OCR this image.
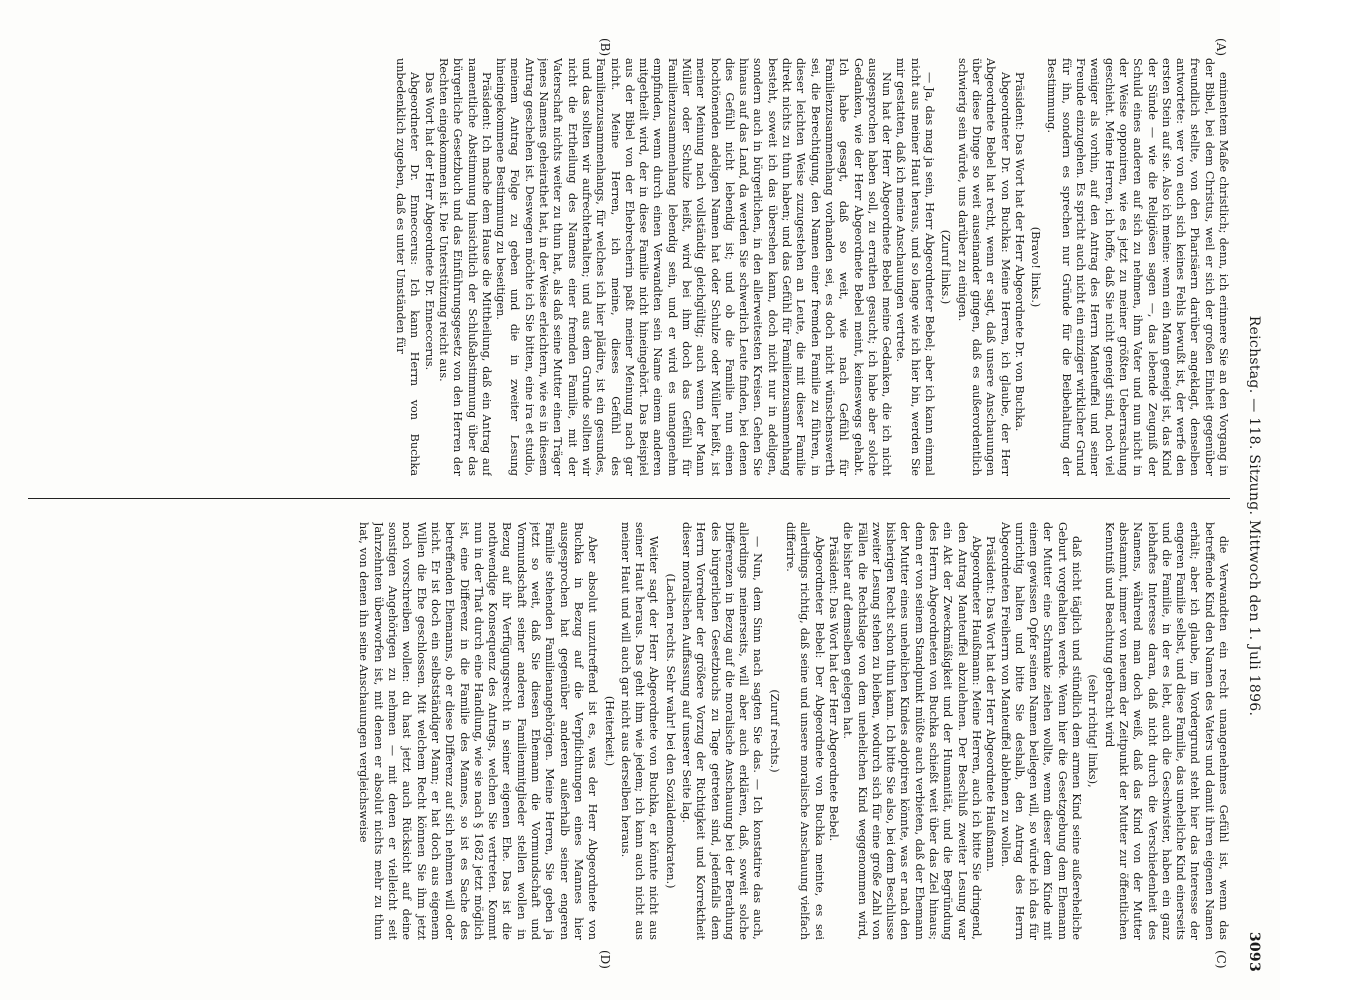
Reichstag. — 118. Sitzung. Mittwoch den 1. Juli 1896.
3093
(A)
(B)
(C)
(D)

eminentem Maße christlich; denn, ich erinnere Sie an den Vorgang in der Bibel, bei dem Christus, weil er sich der großen Einheit gegenüber freundlich stellte, von den Pharisäern darüber angeklagt, denselben antwortete: wer von euch sich keines Fehls bewußt ist, der werfe den ersten Stein auf sie. Also ich meine: wenn ein Mann geneigt ist, das Kind der Sünde — wie die Religiösen sagen —, das lebende Zeugniß der Schuld eines anderen auf sich zu nehmen, ihm Vater und nun nicht in der Weise opponiren, wie es jetzt zu meiner größten Ueberraschung geschieht. Meine Herren, ich hoffe, daß Sie nicht geneigt sind, noch viel weniger als vorhin, auf den Antrag des Herrn Manteuffel und seiner Freunde einzugehen. Es spricht auch nicht ein einziger wirklicher Grund für ihn, sondern es sprechen nur Gründe für die Beibehaltung der Bestimmung.

(Bravo! links.)

Präsident: Das Wort hat der Herr Abgeordnete Dr. von Buchka.

Abgeordneter Dr. von Buchka: Meine Herren, ich glaube, der Herr Abgeordnete Bebel hat recht, wenn er sagt, daß unsere Anschauungen über diese Dinge so weit auseinander gingen, daß es außerordentlich schwierig sein würde, uns darüber zu einigen.

(Zuruf links.)

— Ja, das mag ja sein, Herr Abgeordneter Bebel; aber ich kann einmal nicht aus meiner Haut heraus, und so lange wie ich hier bin, werden Sie mir gestatten, daß ich meine Anschauungen vertrete.

Nun hat der Herr Abgeordnete Bebel meine Gedanken, die ich nicht ausgesprochen haben soll, zu errathen gesucht; ich habe aber solche Gedanken, wie der Herr Abgeordnete Bebel meint, keineswegs gehabt. Ich habe gesagt, daß so weit, wie nach Gefühl für Familienzusammenhang vorhanden sei, es doch nicht wünschenswerth sei, die Berechtigung, den Namen einer fremden Familie zu führen, in dieser leichten Weise zuzugestehen an Leute, die mit dieser Familie direkt nichts zu thun haben; und das Gefühl für Familienzusammenhang besteht, soweit ich das übersehen kann, doch nicht nur in adeligen, sondern auch in bürgerlichen, in den allerweitesten Kreisen. Gehen Sie hinaus auf das Land, da werden Sie schwerlich Leute finden, bei denen dies Gefühl nicht lebendig ist; und ob die Familie nun einen hochtönenden adeligen Namen hat oder Schulze oder Müller heißt, ist meiner Meinung nach vollständig gleichgültig; auch wenn der Mann Müller oder Schulze heißt, wird bei ihm doch das Gefühl für Familienzusammenhang lebendig sein, und er wird es unangenehm empfinden, wenn durch einen Verwandten sein Name einem anderen mitgetheilt wird, der in diese Familie nicht hineingehört. Das Beispiel aus der Bibel von der Ehebrecherin paßt meiner Meinung nach gar nicht. Meine Herren, ich meine, dieses Gefühl des Familienzusammenhangs, für welches ich hier plädire, ist ein gesundes, und das sollten wir aufrechterhalten; und aus dem Grunde sollten wir nicht die Ertheilung des Namens einer fremden Familie, mit der Vaterschaft nichts weiter zu thun hat, als daß seine Mutter einen Träger jenes Namens geheirathet hat, in der Weise erleichtern, wie es in diesem Antrag geschehen ist. Deswegen möchte ich Sie bitten, eine ira et studio, meinem Antrag Folge zu geben und die in zweiter Lesung hineingekommene Bestimmung zu beseitigen.

Präsident: Ich mache dem Hause die Mittheilung, daß ein Antrag auf namentliche Abstimmung hinsichtlich der Schlußabstimmung über das bürgerliche Gesetzbuch und das Einführungsgesetz von den Herren der Rechten eingekommen ist. Die Unterstützung reicht aus.

Das Wort hat der Herr Abgeordnete Dr. Enneccerus.

Abgeordneter Dr. Enneccerus: Ich kann Herrn von Buchka unbedenklich zugeben, daß es unter Umständen für

die Verwandten ein recht unangenehmes Gefühl ist, wenn das betreffende Kind den Namen des Vaters und damit ihren eigenen Namen erhält; aber ich glaube, im Vordergrund steht hier das Interesse der engeren Familie selbst, und diese Familie, das uneheliche Kind einerseits und die Familie, in der es lebt, auch die Geschwister, haben ein ganz lebhaftes Interesse daran, daß nicht durch die Verschiedenheit des Namens, während man doch weiß, daß das Kind von der Mutter abstammt, immer von neuem der Zeitpunkt der Mutter zur öffentlichen Kenntniß und Beachtung gebracht wird

(sehr richtig! links),

daß nicht täglich und stündlich dem armen Kind seine außereheliche Geburt vorgehalten werde. Wenn hier die Gesetzgebung dem Ehemann der Mutter eine Schranke ziehen wollte, wenn dieser dem Kinde mit einem gewissen Opfer seinen Namen beilegen will, so würde ich das für unrichtig halten und bitte Sie deshalb, den Antrag des Herrn Abgeordneten Freiherrn von Manteuffel ablehnen zu wollen.

Präsident: Das Wort hat der Herr Abgeordnete Haußmann.

Abgeordneter Haußmann: Meine Herren, auch ich bitte Sie dringend, den Antrag Manteuffel abzulehnen. Der Beschluß zweiter Lesung war ein Akt der Zweckmäßigkeit und der Humanität, und die Begründung des Herrn Abgeordneten von Buchka schießt weit über das Ziel hinaus; denn er von seinem Standpunkt müßte auch verbieten, daß der Ehemann der Mutter eines unehelichen Kindes adoptiren könnte, was er nach den bisherigen Recht schon thun kann. Ich bitte Sie also, bei dem Beschlusse zweiter Lesung stehen zu bleiben, wodurch sich für eine große Zahl von Fällen die Rechtslage von dem unehelichen Kind weggenommen wird, die bisher auf demselben gelegen hat.

Präsident: Das Wort hat der Herr Abgeordnete Bebel.

Abgeordneter Bebel: Der Abgeordnete von Buchka meinte, es sei allerdings richtig, daß seine und unsere moralische Anschauung vielfach differire.

(Zuruf rechts.)

— Nun, dem Sinn nach sagten Sie das. — Ich konstatire das auch, allerdings meinerseits, will aber auch erklären, daß, soweit solche Differenzen in Bezug auf die moralische Anschauung bei der Berathung des bürgerlichen Gesetzbuchs zu Tage getreten sind, jedenfalls dem Herrn Vorredner der größere Vorzug der Richtigkeit und Korrektheit dieser moralischen Auffassung auf unserer Seite lag.

(Lachen rechts. Sehr wahr! bei den Sozialdemokraten.)

Weiter sagt der Herr Abgeordnete von Buchka, er könnte nicht aus seiner Haut heraus. Das geht ihm wie jedem; ich kann auch nicht aus meiner Haut und will auch gar nicht aus derselben heraus.

(Heiterkeit.)

Aber absolut unzutreffend ist es, was der Herr Abgeordnete von Buchka in Bezug auf die Verpflichtungen eines Mannes hier ausgesprochen hat gegenüber anderen außerhalb seiner engeren Familie stehenden Familienangehörigen. Meine Herren, Sie geben ja jetzt so weit, daß Sie diesen Ehemann die Vormundschaft und Vormundschaft seiner anderen Familienmitglieder stellen wollen in Bezug auf ihr Verfügungsrecht in seiner eigenen Ehe. Das ist die nothwendige Konsequenz des Antrags, welchen Sie vertreten. Kommt nun in der That durch eine Handlung, wie sie nach § 1682 jetzt möglich ist, eine Differenz in die Familie des Mannes, so ist es Sache des betreffenden Ehemanns, ob er diese Differenz auf sich nehmen will oder nicht. Er ist doch ein selbstständiger Mann; er hat doch aus eigenem Willen die Ehe geschlossen. Mit welchem Recht können Sie ihm jetzt noch vorschreiben wollen: du hast jetzt auch Rücksicht auf deine sonstigen Angehörigen zu nehmen — mit denen er vielleicht seit Jahrzehnten überworfen ist, mit denen er absolut nichts mehr zu thun hat, von denen ihn seine Anschauungen vergleichsweise
